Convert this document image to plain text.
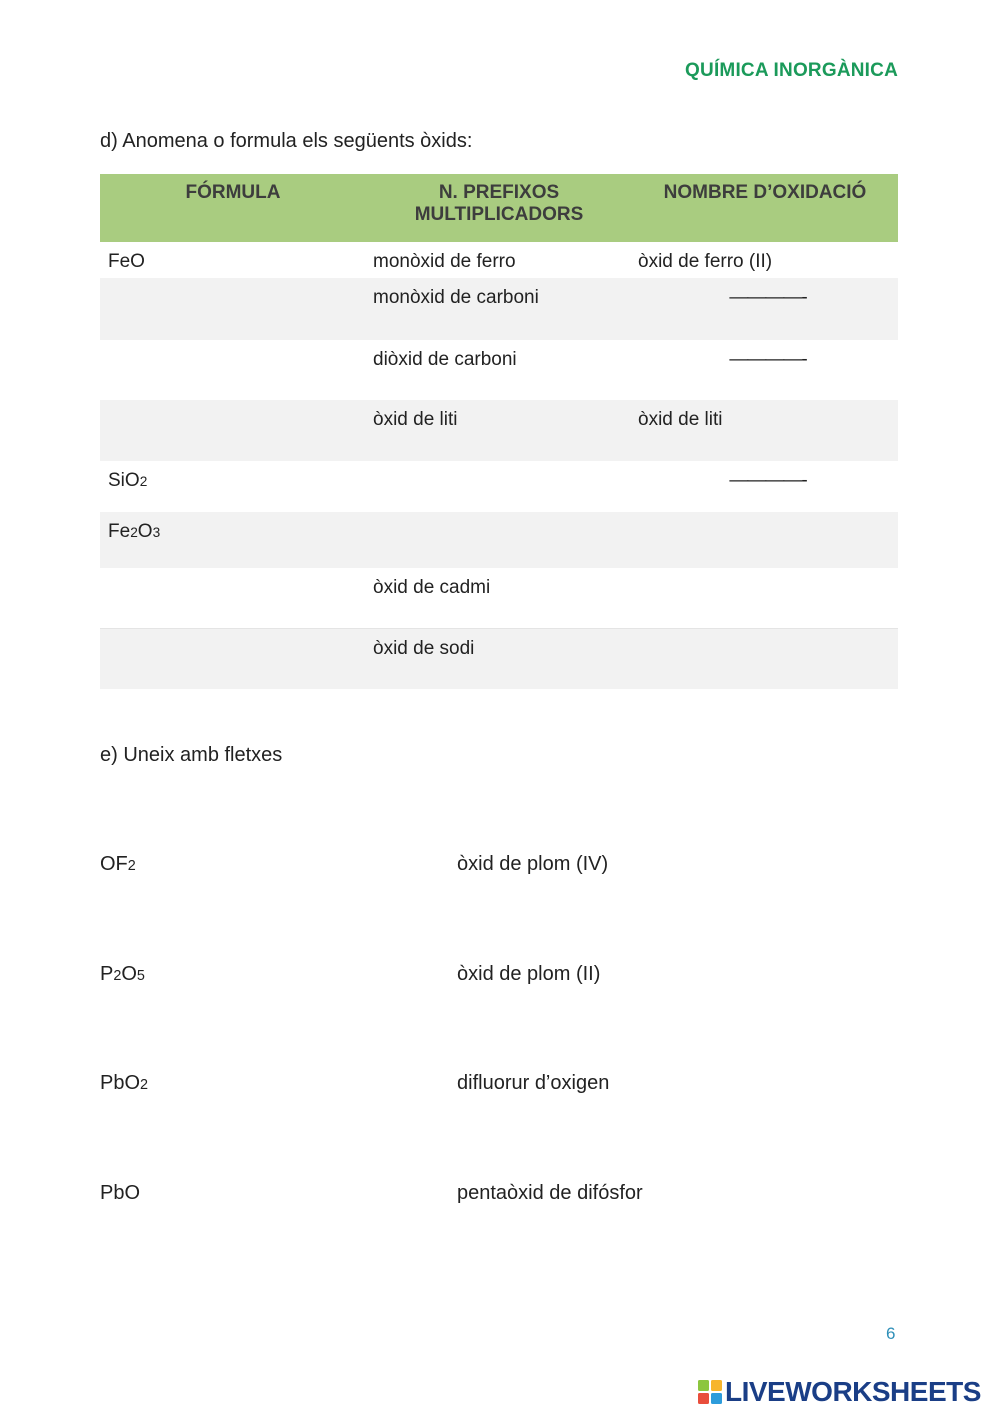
QUÍMICA INORGÀNICA
d) Anomena o formula els següents òxids:
FÓRMULA	N. PREFIXOS MULTIPLICADORS	NOMBRE D’OXIDACIÓ
FeO	monòxid de ferro	òxid de ferro (II)
	monòxid de carboni	————-

	diòxid de carboni	————-

	òxid de liti	òxid de liti
SiO2		————-

Fe2O3		
	òxid de cadmi	
	òxid de sodi	
e) Uneix amb fletxes
OF2
P2O5
PbO2
PbO
òxid de plom (IV)
òxid de plom (II)
difluorur d’oxigen
pentaòxid de difósfor
6
LIVEWORKSHEETS
